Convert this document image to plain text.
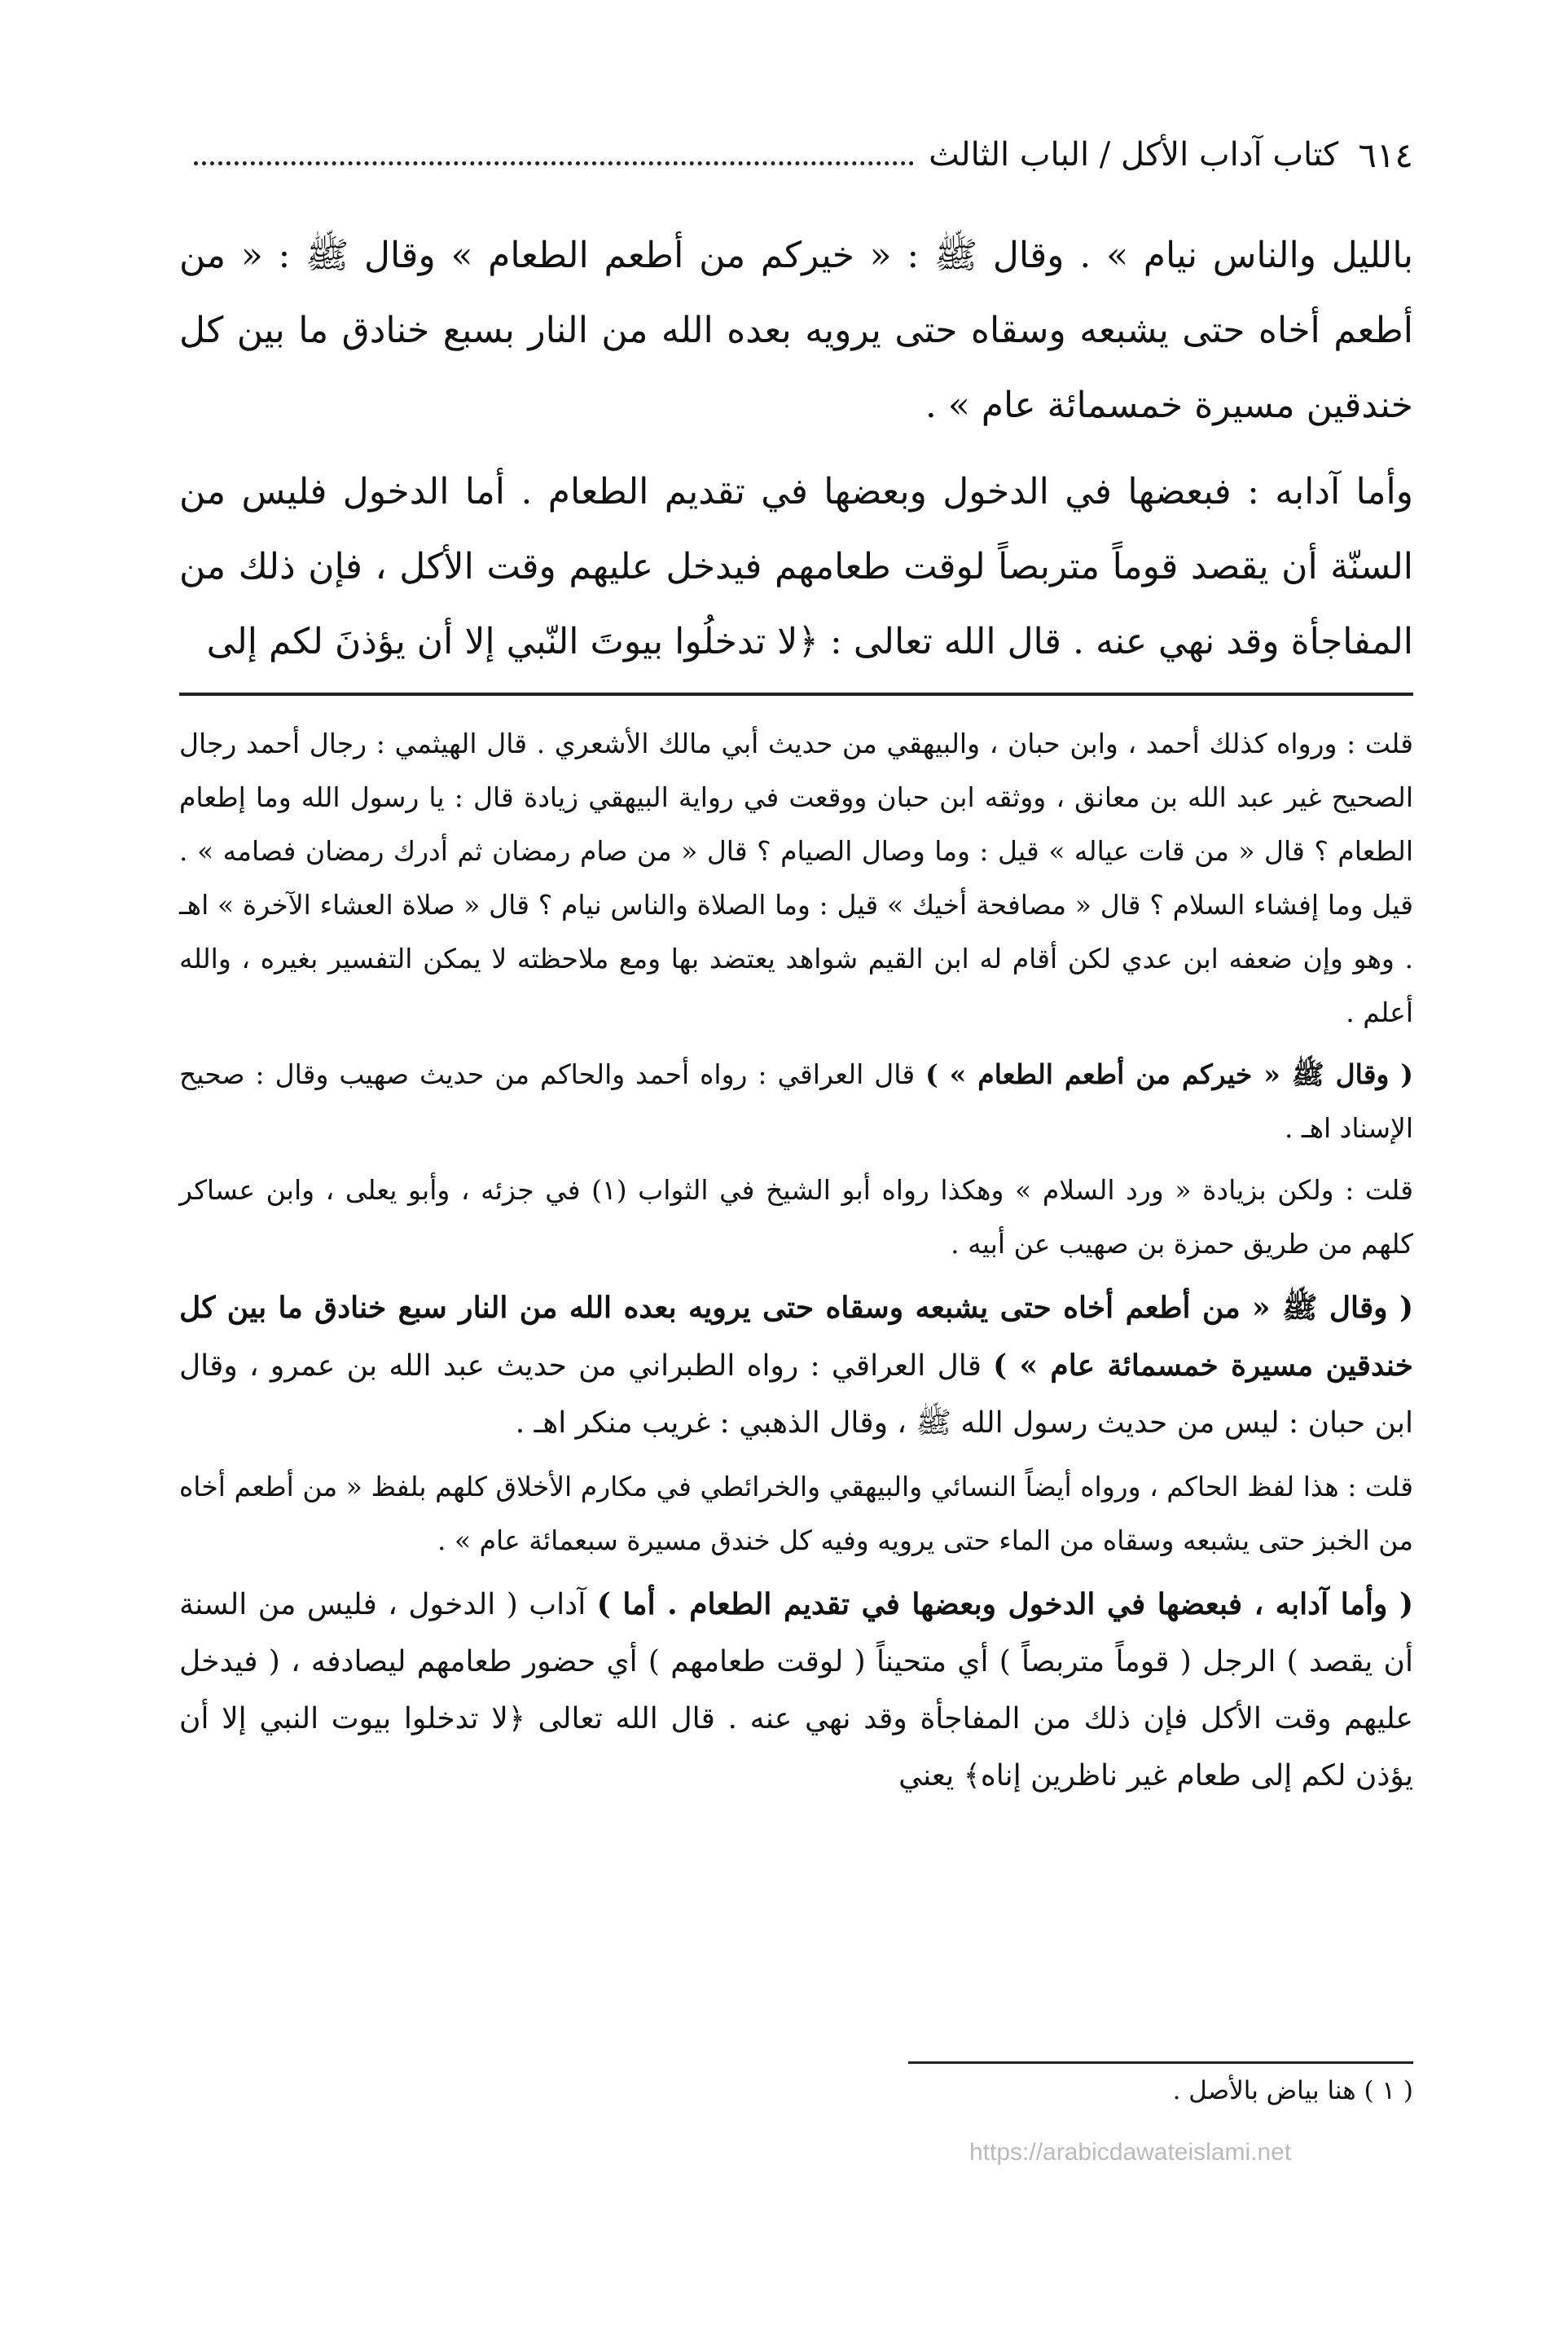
٦١٤
كتاب آداب الأكل / الباب الثالث

بالليل والناس نيام » . وقال ﷺ : « خيركم من أطعم الطعام » وقال ﷺ : « من أطعم أخاه حتى يشبعه وسقاه حتى يرويه بعده الله من النار بسبع خنادق ما بين كل خندقين مسيرة خمسمائة عام » .

وأما آدابه : فبعضها في الدخول وبعضها في تقديم الطعام . أما الدخول فليس من السنّة أن يقصد قوماً متربصاً لوقت طعامهم فيدخل عليهم وقت الأكل ، فإن ذلك من المفاجأة وقد نهي عنه . قال الله تعالى : ﴿لا تدخلُوا بيوتَ النّبي إلا أن يؤذنَ لكم إلى

قلت : ورواه كذلك أحمد ، وابن حبان ، والبيهقي من حديث أبي مالك الأشعري . قال الهيثمي : رجال أحمد رجال الصحيح غير عبد الله بن معانق ، ووثقه ابن حبان ووقعت في رواية البيهقي زيادة قال : يا رسول الله وما إطعام الطعام ؟ قال « من قات عياله » قيل : وما وصال الصيام ؟ قال « من صام رمضان ثم أدرك رمضان فصامه » . قيل وما إفشاء السلام ؟ قال « مصافحة أخيك » قيل : وما الصلاة والناس نيام ؟ قال « صلاة العشاء الآخرة » اهـ . وهو وإن ضعفه ابن عدي لكن أقام له ابن القيم شواهد يعتضد بها ومع ملاحظته لا يمكن التفسير بغيره ، والله أعلم .

( وقال ﷺ « خيركم من أطعم الطعام » ) قال العراقي : رواه أحمد والحاكم من حديث صهيب وقال : صحيح الإسناد اهـ .

قلت : ولكن بزيادة « ورد السلام » وهكذا رواه أبو الشيخ في الثواب (١) في جزئه ، وأبو يعلى ، وابن عساكر كلهم من طريق حمزة بن صهيب عن أبيه .

( وقال ﷺ « من أطعم أخاه حتى يشبعه وسقاه حتى يرويه بعده الله من النار سبع خنادق ما بين كل خندقين مسيرة خمسمائة عام » ) قال العراقي : رواه الطبراني من حديث عبد الله بن عمرو ، وقال ابن حبان : ليس من حديث رسول الله ﷺ ، وقال الذهبي : غريب منكر اهـ .

قلت : هذا لفظ الحاكم ، ورواه أيضاً النسائي والبيهقي والخرائطي في مكارم الأخلاق كلهم بلفظ « من أطعم أخاه من الخبز حتى يشبعه وسقاه من الماء حتى يرويه وفيه كل خندق مسيرة سبعمائة عام » .

( وأما آدابه ، فبعضها في الدخول وبعضها في تقديم الطعام . أما ) آداب ( الدخول ، فليس من السنة أن يقصد ) الرجل ( قوماً متربصاً ) أي متحيناً ( لوقت طعامهم ) أي حضور طعامهم ليصادفه ، ( فيدخل عليهم وقت الأكل فإن ذلك من المفاجأة وقد نهي عنه . قال الله تعالى ﴿لا تدخلوا بيوت النبي إلا أن يؤذن لكم إلى طعام غير ناظرين إناه﴾ يعني

( ١ ) هنا بياض بالأصل .
https://arabicdawateislami.net
